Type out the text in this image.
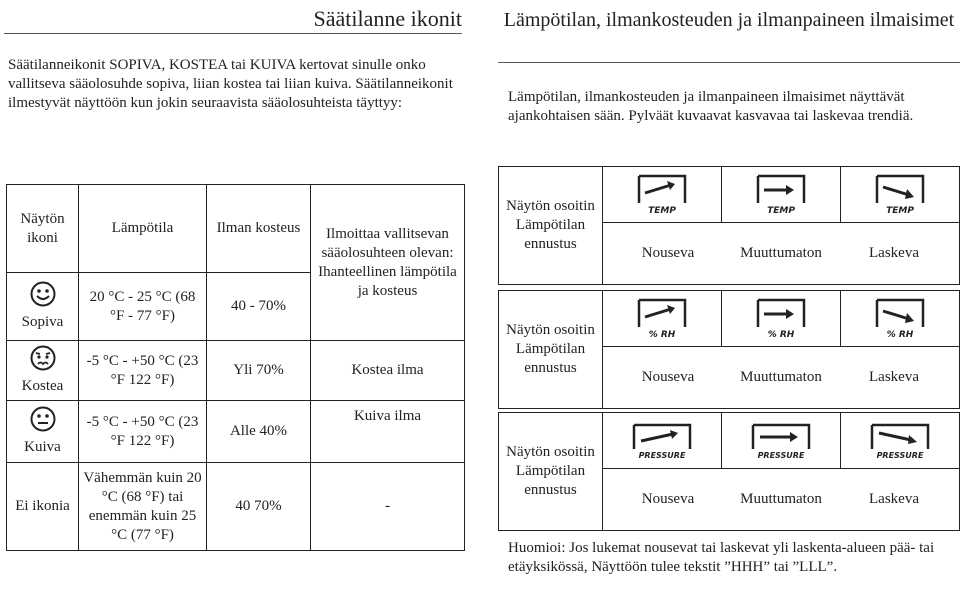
Säätilanne ikonit
Säätilanneikonit SOPIVA, KOSTEA tai KUIVA kertovat sinulle onko vallitseva sääolosuhde sopiva, liian kostea tai liian kuiva. Säätilanneikonit ilmestyvät näyttöön kun jokin seuraavista sääolosuhteista täyttyy:
Näytön ikoni	Lämpötila	Ilman kosteus	Ilmoittaa vallitsevan sääolosuhteen olevan:
Ihanteellinen lämpötila ja kosteus

Sopiva	20 °C - 25 °C (68 °F - 77 °F)	40 - 70%	

Kostea	-5 °C - +50 °C (23 °F 122 °F)	Yli 70%	Kostea ilma

Kuiva	-5 °C - +50 °C (23 °F 122 °F)	Alle 40%	Kuiva ilma
Ei ikonia	Vähemmän kuin 20 °C (68 °F) tai enemmän kuin 25 °C (77 °F)	40 70%	-
Lämpötilan, ilmankosteuden ja ilmanpaineen ilmaisimet
Lämpötilan, ilmankosteuden ja ilmanpaineen ilmaisimet näyttävät ajankohtaisen sään. Pylväät kuvaavat kasvavaa tai laskevaa trendiä.
Näytön osoitin
Lämpötilan ennustus	
TEMP	TEMP	TEMP

Nouseva	Muuttumaton	Laskeva
Näytön osoitin
Lämpötilan ennustus	
% RH	% RH	% RH

Nouseva	Muuttumaton	Laskeva
Näytön osoitin
Lämpötilan ennustus	
PRESSURE	PRESSURE	PRESSURE

Nouseva	Muuttumaton	Laskeva
Huomioi: Jos lukemat nousevat tai laskevat yli laskenta-alueen pää- tai etäyksikössä, Näyttöön tulee tekstit ”HHH” tai ”LLL”.
